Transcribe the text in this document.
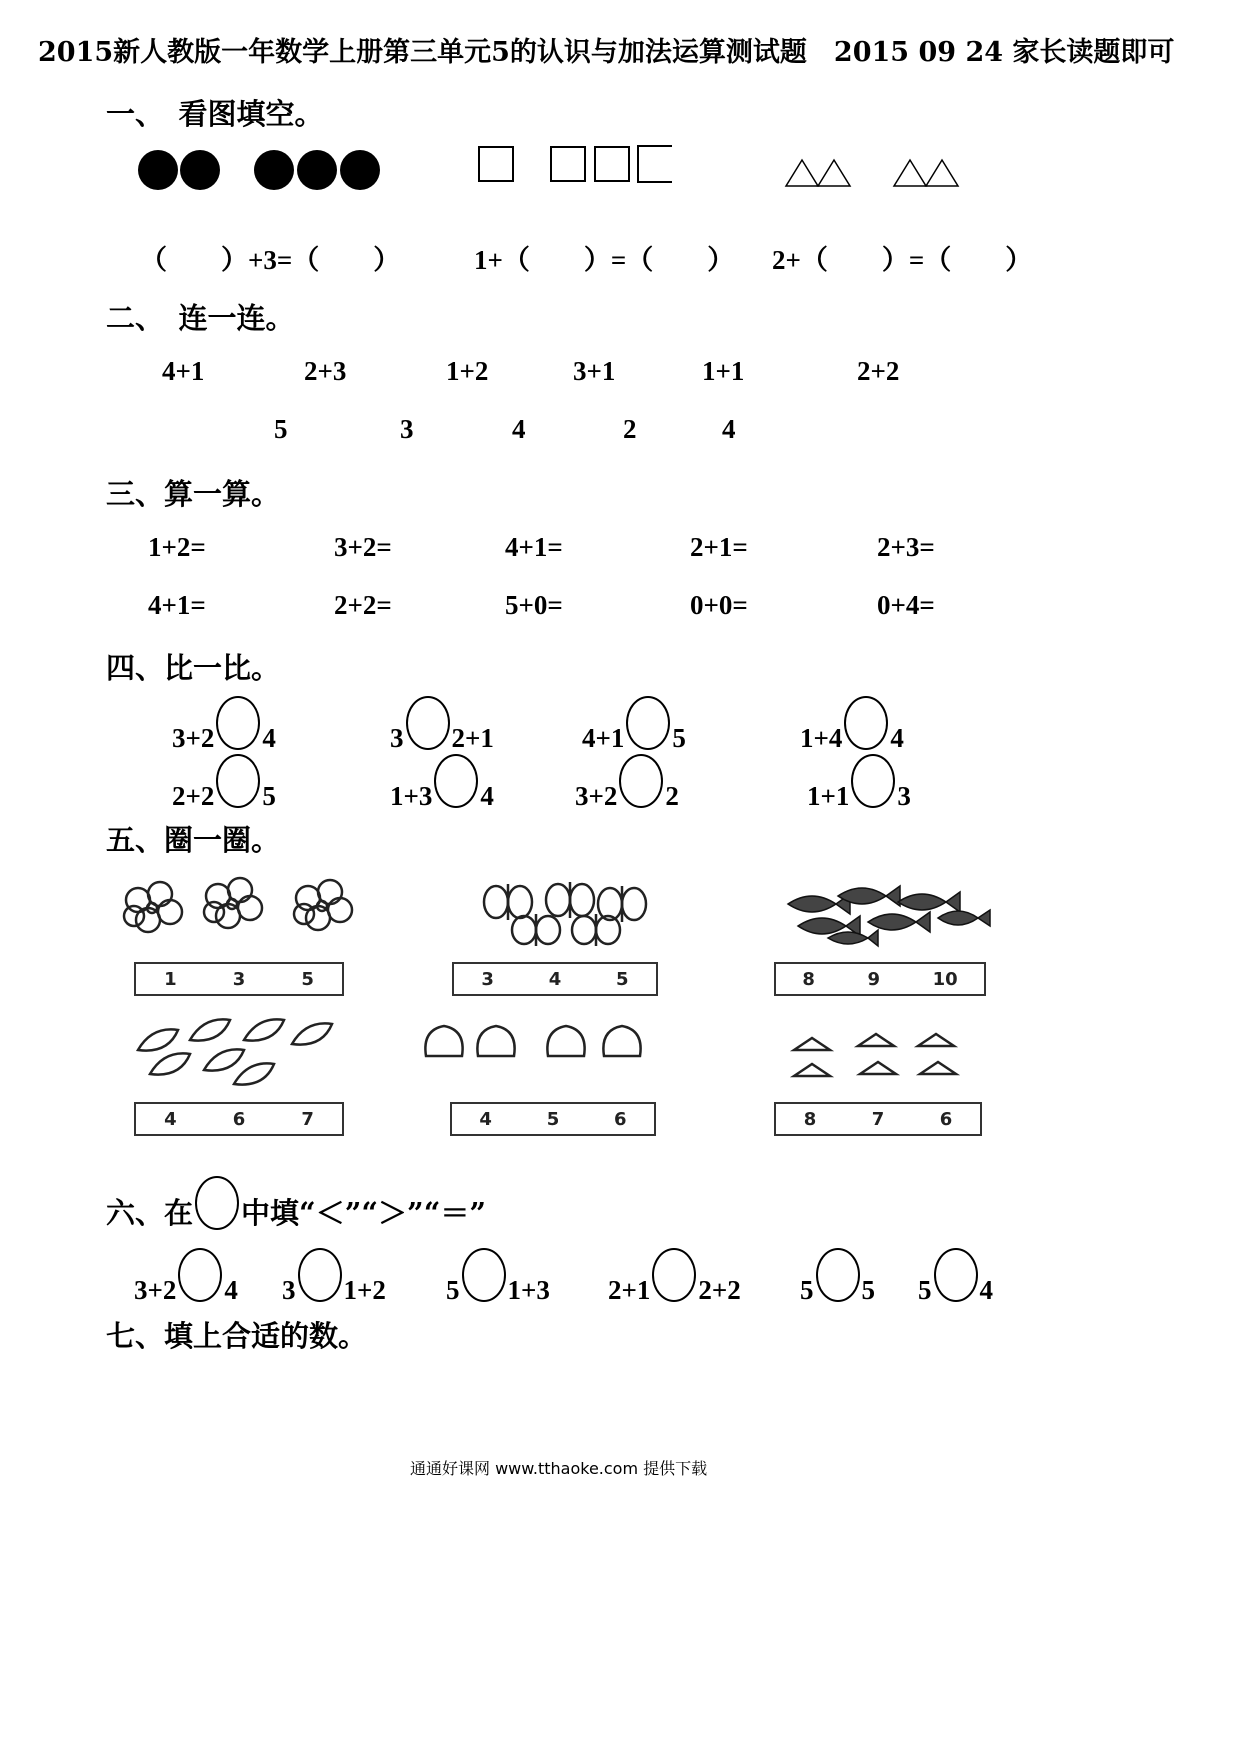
2015新人教版一年数学上册第三单元5的认识与加法运算测试题　2015 09 24 家长读题即可
一、　看图填空。
（　　）+3=（　　）	1+（　　）=（　　） 2+（　　）=（　　）
二、　连一连。
4+1	2+3	1+2	3+1	1+1	2+2
5	3	4	2	4
三、算一算。
1+2=	3+2=	4+1=	2+1=	2+3=
4+1=	2+2=	5+0=	0+0=	0+4=
四、比一比。
3+2 4	3 2+1	4+1 5	1+4 4
2+2 5	1+3 4	3+2 2	1+1 3
五、圈一圈。
1	3	5	3	4	5	8	9	10
4	6	7	4	5	6	8	7	6
六、在 中填“＜”“＞”“＝”
3+2 4 3 1+2 5 1+3 2+1 2+2 5 5 5 4
七、填上合适的数。
通通好课网 www.tthaoke.com 提供下载
